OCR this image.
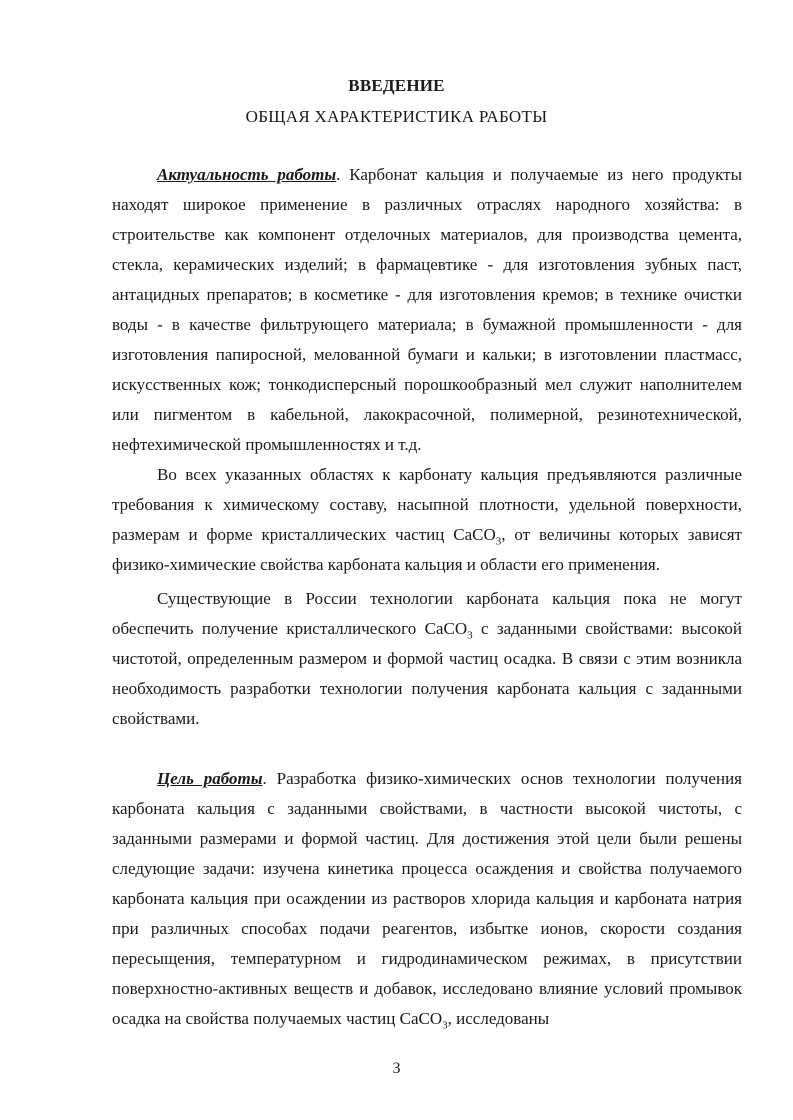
ВВЕДЕНИЕ
ОБЩАЯ ХАРАКТЕРИСТИКА РАБОТЫ

Актуальность работы. Карбонат кальция и получаемые из него продукты находят широкое применение в различных отраслях народного хозяйства: в строительстве как компонент отделочных материалов, для производства цемента, стекла, керамических изделий; в фармацевтике - для изготовления зубных паст, антацидных препаратов; в косметике - для изготовления кремов; в технике очистки воды - в качестве фильтрующего материала; в бумажной промышленности - для изготовления папиросной, мелованной бумаги и кальки; в изготовлении пластмасс, искусственных кож; тонкодисперсный порошкообразный мел служит наполнителем или пигментом в кабельной, лакокрасочной, полимерной, резинотехнической, нефтехимической промышленностях и т.д.

Во всех указанных областях к карбонату кальция предъявляются различные требования к химическому составу, насыпной плотности, удельной поверхности, размерам и форме кристаллических частиц CaCO$_3$, от величины которых зависят физико-химические свойства карбоната кальция и области его применения.

Существующие в России технологии карбоната кальция пока не могут обеспечить получение кристаллического CaCO$_3$ с заданными свойствами: высокой чистотой, определенным размером и формой частиц осадка. В связи с этим возникла необходимость разработки технологии получения карбоната кальция с заданными свойствами.

Цель работы. Разработка физико-химических основ технологии получения карбоната кальция с заданными свойствами, в частности высокой чистоты, с заданными размерами и формой частиц. Для достижения этой цели были решены следующие задачи: изучена кинетика процесса осаждения и свойства получаемого карбоната кальция при осаждении из растворов хлорида кальция и карбоната натрия при различных способах подачи реагентов, избытке ионов, скорости создания пересыщения, температурном и гидродинамическом режимах, в присутствии поверхностно-активных веществ и добавок, исследовано влияние условий промывок осадка на свойства получаемых частиц CaCO$_3$, исследованы

3
